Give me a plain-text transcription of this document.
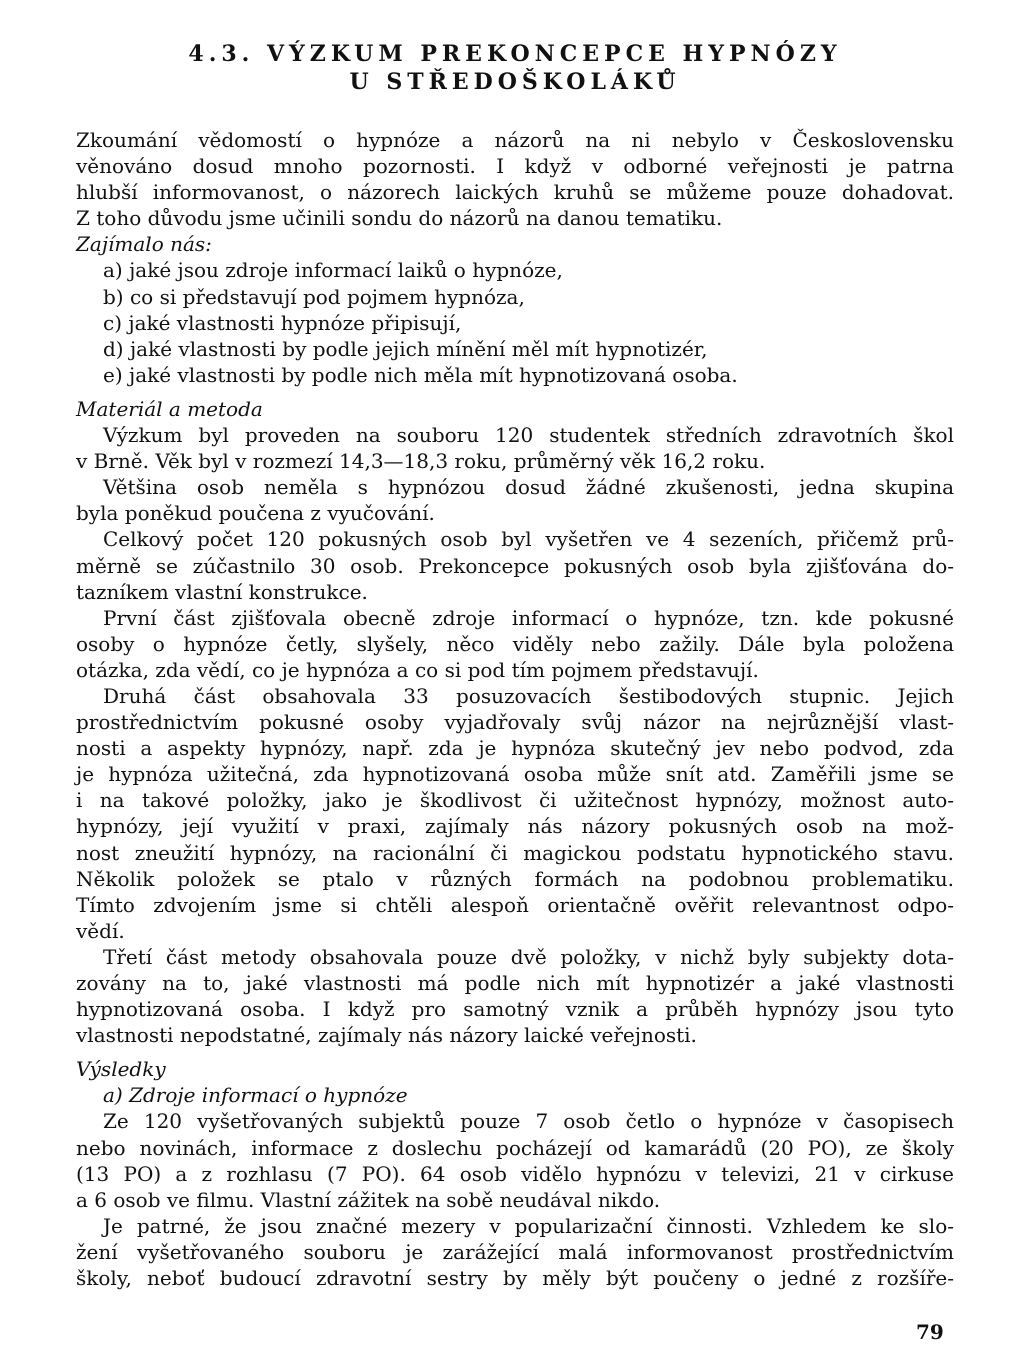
4.3. VÝZKUM PREKONCEPCE HYPNÓZY
U STŘEDOŠKOLÁKŮ
Zkoumání vědomostí o hypnóze a názorů na ni nebylo v Československu
věnováno dosud mnoho pozornosti. I když v odborné veřejnosti je patrna
hlubší informovanost, o názorech laických kruhů se můžeme pouze dohadovat.
Z toho důvodu jsme učinili sondu do názorů na danou tematiku.
Zajímalo nás:
a) jaké jsou zdroje informací laiků o hypnóze,
b) co si představují pod pojmem hypnóza,
c) jaké vlastnosti hypnóze připisují,
d) jaké vlastnosti by podle jejich mínění měl mít hypnotizér,
e) jaké vlastnosti by podle nich měla mít hypnotizovaná osoba.
Materiál a metoda
Výzkum byl proveden na souboru 120 studentek středních zdravotních škol
v Brně. Věk byl v rozmezí 14,3—18,3 roku, průměrný věk 16,2 roku.
Většina osob neměla s hypnózou dosud žádné zkušenosti, jedna skupina
byla poněkud poučena z vyučování.
Celkový počet 120 pokusných osob byl vyšetřen ve 4 sezeních, přičemž prů-
měrně se zúčastnilo 30 osob. Prekoncepce pokusných osob byla zjišťována do-
tazníkem vlastní konstrukce.
První část zjišťovala obecně zdroje informací o hypnóze, tzn. kde pokusné
osoby o hypnóze četly, slyšely, něco viděly nebo zažily. Dále byla položena
otázka, zda vědí, co je hypnóza a co si pod tím pojmem představují.
Druhá část obsahovala 33 posuzovacích šestibodových stupnic. Jejich
prostřednictvím pokusné osoby vyjadřovaly svůj názor na nejrůznější vlast-
nosti a aspekty hypnózy, např. zda je hypnóza skutečný jev nebo podvod, zda
je hypnóza užitečná, zda hypnotizovaná osoba může snít atd. Zaměřili jsme se
i na takové položky, jako je škodlivost či užitečnost hypnózy, možnost auto-
hypnózy, její využití v praxi, zajímaly nás názory pokusných osob na mož-
nost zneužití hypnózy, na racionální či magickou podstatu hypnotického stavu.
Několik položek se ptalo v různých formách na podobnou problematiku.
Tímto zdvojením jsme si chtěli alespoň orientačně ověřit relevantnost odpo-
vědí.
Třetí část metody obsahovala pouze dvě položky, v nichž byly subjekty dota-
zovány na to, jaké vlastnosti má podle nich mít hypnotizér a jaké vlastnosti
hypnotizovaná osoba. I když pro samotný vznik a průběh hypnózy jsou tyto
vlastnosti nepodstatné, zajímaly nás názory laické veřejnosti.
Výsledky
a) Zdroje informací o hypnóze
Ze 120 vyšetřovaných subjektů pouze 7 osob četlo o hypnóze v časopisech
nebo novinách, informace z doslechu pocházejí od kamarádů (20 PO), ze školy
(13 PO) a z rozhlasu (7 PO). 64 osob vidělo hypnózu v televizi, 21 v cirkuse
a 6 osob ve filmu. Vlastní zážitek na sobě neudával nikdo.
Je patrné, že jsou značné mezery v popularizační činnosti. Vzhledem ke slo-
žení vyšetřovaného souboru je zarážející malá informovanost prostřednictvím
školy, neboť budoucí zdravotní sestry by měly být poučeny o jedné z rozšíře-
79
